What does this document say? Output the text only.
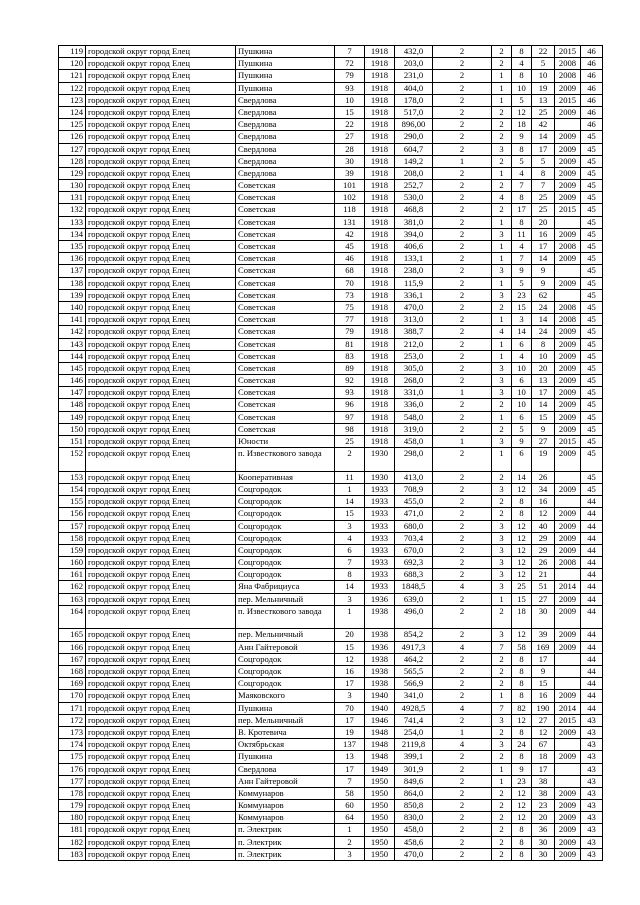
119	городской округ город Елец	Пушкина	7	1918	432,0	2	2	8	22	2015	46
120	городской округ город Елец	Пушкина	72	1918	203,0	2	2	4	5	2008	46
121	городской округ город Елец	Пушкина	79	1918	231,0	2	1	8	10	2008	46
122	городской округ город Елец	Пушкина	93	1918	404,0	2	1	10	19	2009	46
123	городской округ город Елец	Свердлова	10	1918	178,0	2	1	5	13	2015	46
124	городской округ город Елец	Свердлова	15	1918	517,0	2	2	12	25	2009	46
125	городской округ город Елец	Свердлова	22	1918	896,00	2	2	18	42		46
126	городской округ город Елец	Свердлова	27	1918	290,0	2	2	9	14	2009	45
127	городской округ город Елец	Свердлова	28	1918	604,7	2	3	8	17	2009	45
128	городской округ город Елец	Свердлова	30	1918	149,2	1	2	5	5	2009	45
129	городской округ город Елец	Свердлова	39	1918	208,0	2	1	4	8	2009	45
130	городской округ город Елец	Советская	101	1918	252,7	2	2	7	7	2009	45
131	городской округ город Елец	Советская	102	1918	530,0	2	4	8	25	2009	45
132	городской округ город Елец	Советская	118	1918	468,8	2	2	17	25	2015	45
133	городской округ город Елец	Советская	131	1918	381,0	2	1	8	20		45
134	городской округ город Елец	Советская	42	1918	394,0	2	3	11	16	2009	45
135	городской округ город Елец	Советская	45	1918	406,6	2	1	4	17	2008	45
136	городской округ город Елец	Советская	46	1918	133,1	2	1	7	14	2009	45
137	городской округ город Елец	Советская	68	1918	238,0	2	3	9	9		45
138	городской округ город Елец	Советская	70	1918	115,9	2	1	5	9	2009	45
139	городской округ город Елец	Советская	73	1918	336,1	2	3	23	62		45
140	городской округ город Елец	Советская	75	1918	470,0	2	2	15	24	2008	45
141	городской округ город Елец	Советская	77	1918	313,0	2	1	3	14	2008	45
142	городской округ город Елец	Советская	79	1918	388,7	2	4	14	24	2009	45
143	городской округ город Елец	Советская	81	1918	212,0	2	1	6	8	2009	45
144	городской округ город Елец	Советская	83	1918	253,0	2	1	4	10	2009	45
145	городской округ город Елец	Советская	89	1918	305,0	2	3	10	20	2009	45
146	городской округ город Елец	Советская	92	1918	268,0	2	3	6	13	2009	45
147	городской округ город Елец	Советская	93	1918	331,0	1	3	10	17	2009	45
148	городской округ город Елец	Советская	96	1918	336,0	2	2	10	14	2009	45
149	городской округ город Елец	Советская	97	1918	548,0	2	1	6	15	2009	45
150	городской округ город Елец	Советская	98	1918	319,0	2	2	5	9	2009	45
151	городской округ город Елец	Юности	25	1918	458,0	1	3	9	27	2015	45
152	городской округ город Елец	п. Известкового завода	2	1930	298,0	2	1	6	19	2009	45
153	городской округ город Елец	Кооперативная	11	1930	413,0	2	2	14	26		45
154	городской округ город Елец	Соцгородок	1	1933	708,9	2	3	12	34	2009	45
155	городской округ город Елец	Соцгородок	14	1933	455,0	2	2	8	16		44
156	городской округ город Елец	Соцгородок	15	1933	471,0	2	2	8	12	2009	44
157	городской округ город Елец	Соцгородок	3	1933	680,0	2	3	12	40	2009	44
158	городской округ город Елец	Соцгородок	4	1933	703,4	2	3	12	29	2009	44
159	городской округ город Елец	Соцгородок	6	1933	670,0	2	3	12	29	2009	44
160	городской округ город Елец	Соцгородок	7	1933	692,3	2	3	12	26	2008	44
161	городской округ город Елец	Соцгородок	8	1933	688,3	2	3	12	21		44
162	городской округ город Елец	Яна Фабрициуса	14	1933	1848,5	4	3	25	51	2014	44
163	городской округ город Елец	пер. Мельничный	3	1936	639,0	2	1	15	27	2009	44
164	городской округ город Елец	п. Известкового завода	1	1938	496,0	2	2	18	30	2009	44
165	городской округ город Елец	пер. Мельничный	20	1938	854,2	2	3	12	39	2009	44
166	городской округ город Елец	Анн Гайтеровой	15	1936	4917,3	4	7	58	169	2009	44
167	городской округ город Елец	Соцгородок	12	1938	464,2	2	2	8	17		44
168	городской округ город Елец	Соцгородок	16	1938	565,5	2	2	8	9		44
169	городской округ город Елец	Соцгородок	17	1938	566,9	2	2	8	15		44
170	городской округ город Елец	Маяковского	3	1940	341,0	2	1	8	16	2009	44
171	городской округ город Елец	Пушкина	70	1940	4928,5	4	7	82	190	2014	44
172	городской округ город Елец	пер. Мельничный	17	1946	741,4	2	3	12	27	2015	43
173	городской округ город Елец	В. Кротевича	19	1948	254,0	1	2	8	12	2009	43
174	городской округ город Елец	Октябрьская	137	1948	2119,8	4	3	24	67		43
175	городской округ город Елец	Пушкина	13	1948	399,1	2	2	8	18	2009	43
176	городской округ город Елец	Свердлова	17	1949	301,9	2	1	9	17		43
177	городской округ город Елец	Анн Гайтеровой	7	1950	849,6	2	1	23	38		43
178	городской округ город Елец	Коммунаров	58	1950	864,0	2	2	12	38	2009	43
179	городской округ город Елец	Коммунаров	60	1950	850,8	2	2	12	23	2009	43
180	городской округ город Елец	Коммунаров	64	1950	830,0	2	2	12	20	2009	43
181	городской округ город Елец	п. Электрик	1	1950	458,0	2	2	8	36	2009	43
182	городской округ город Елец	п. Электрик	2	1950	458,6	2	2	8	30	2009	43
183	городской округ город Елец	п. Электрик	3	1950	470,0	2	2	8	30	2009	43
